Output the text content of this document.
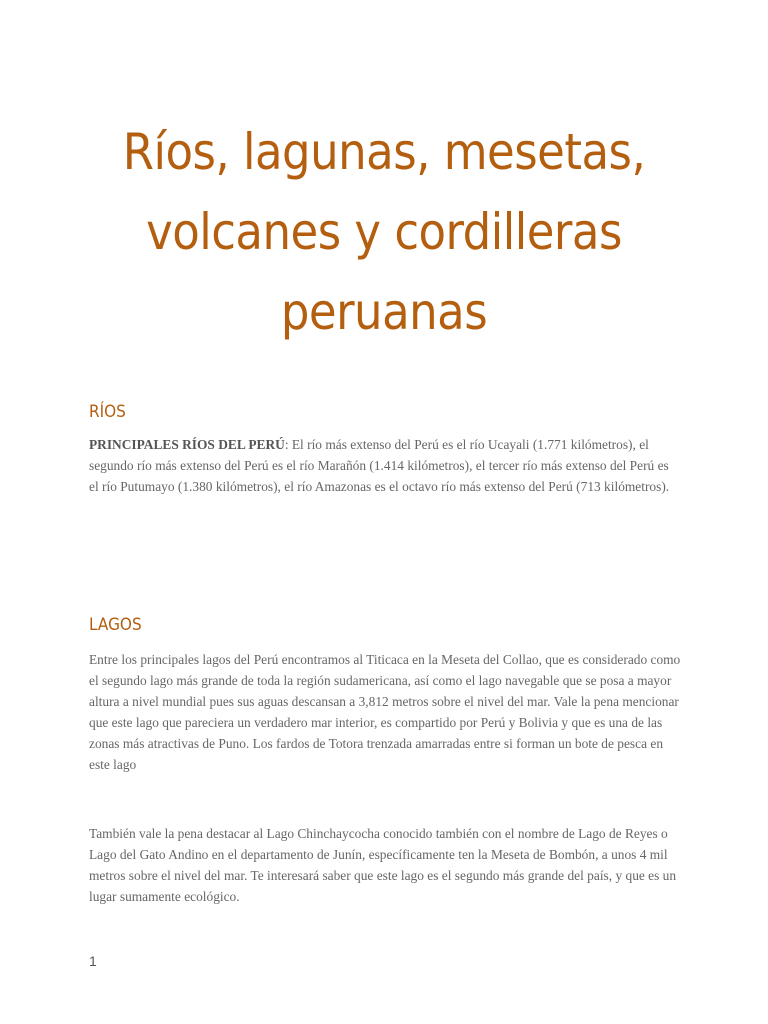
Ríos, lagunas, mesetas,
volcanes y cordilleras
peruanas
RÍOS

PRINCIPALES RÍOS DEL PERÚ: El río más extenso del Perú es el río Ucayali (1.771 kilómetros), el segundo río más extenso del Perú es el río Marañón (1.414 kilómetros), el tercer río más extenso del Perú es el río Putumayo (1.380 kilómetros), el río Amazonas es el octavo río más extenso del Perú (713 kilómetros).

LAGOS

Entre los principales lagos del Perú encontramos al Titicaca en la Meseta del Collao, que es considerado como el segundo lago más grande de toda la región sudamericana, así como el lago navegable que se posa a mayor altura a nivel mundial pues sus aguas descansan a 3,812 metros sobre el nivel del mar. Vale la pena mencionar que este lago que pareciera un verdadero mar interior, es compartido por Perú y Bolivia y que es una de las zonas más atractivas de Puno. Los fardos de Totora trenzada amarradas entre si forman un bote de pesca en este lago

También vale la pena destacar al Lago Chinchaycocha conocido también con el nombre de Lago de Reyes o Lago del Gato Andino en el departamento de Junín, específicamente ten la Meseta de Bombón, a unos 4 mil metros sobre el nivel del mar. Te interesará saber que este lago es el segundo más grande del país, y que es un lugar sumamente ecológico.

1
